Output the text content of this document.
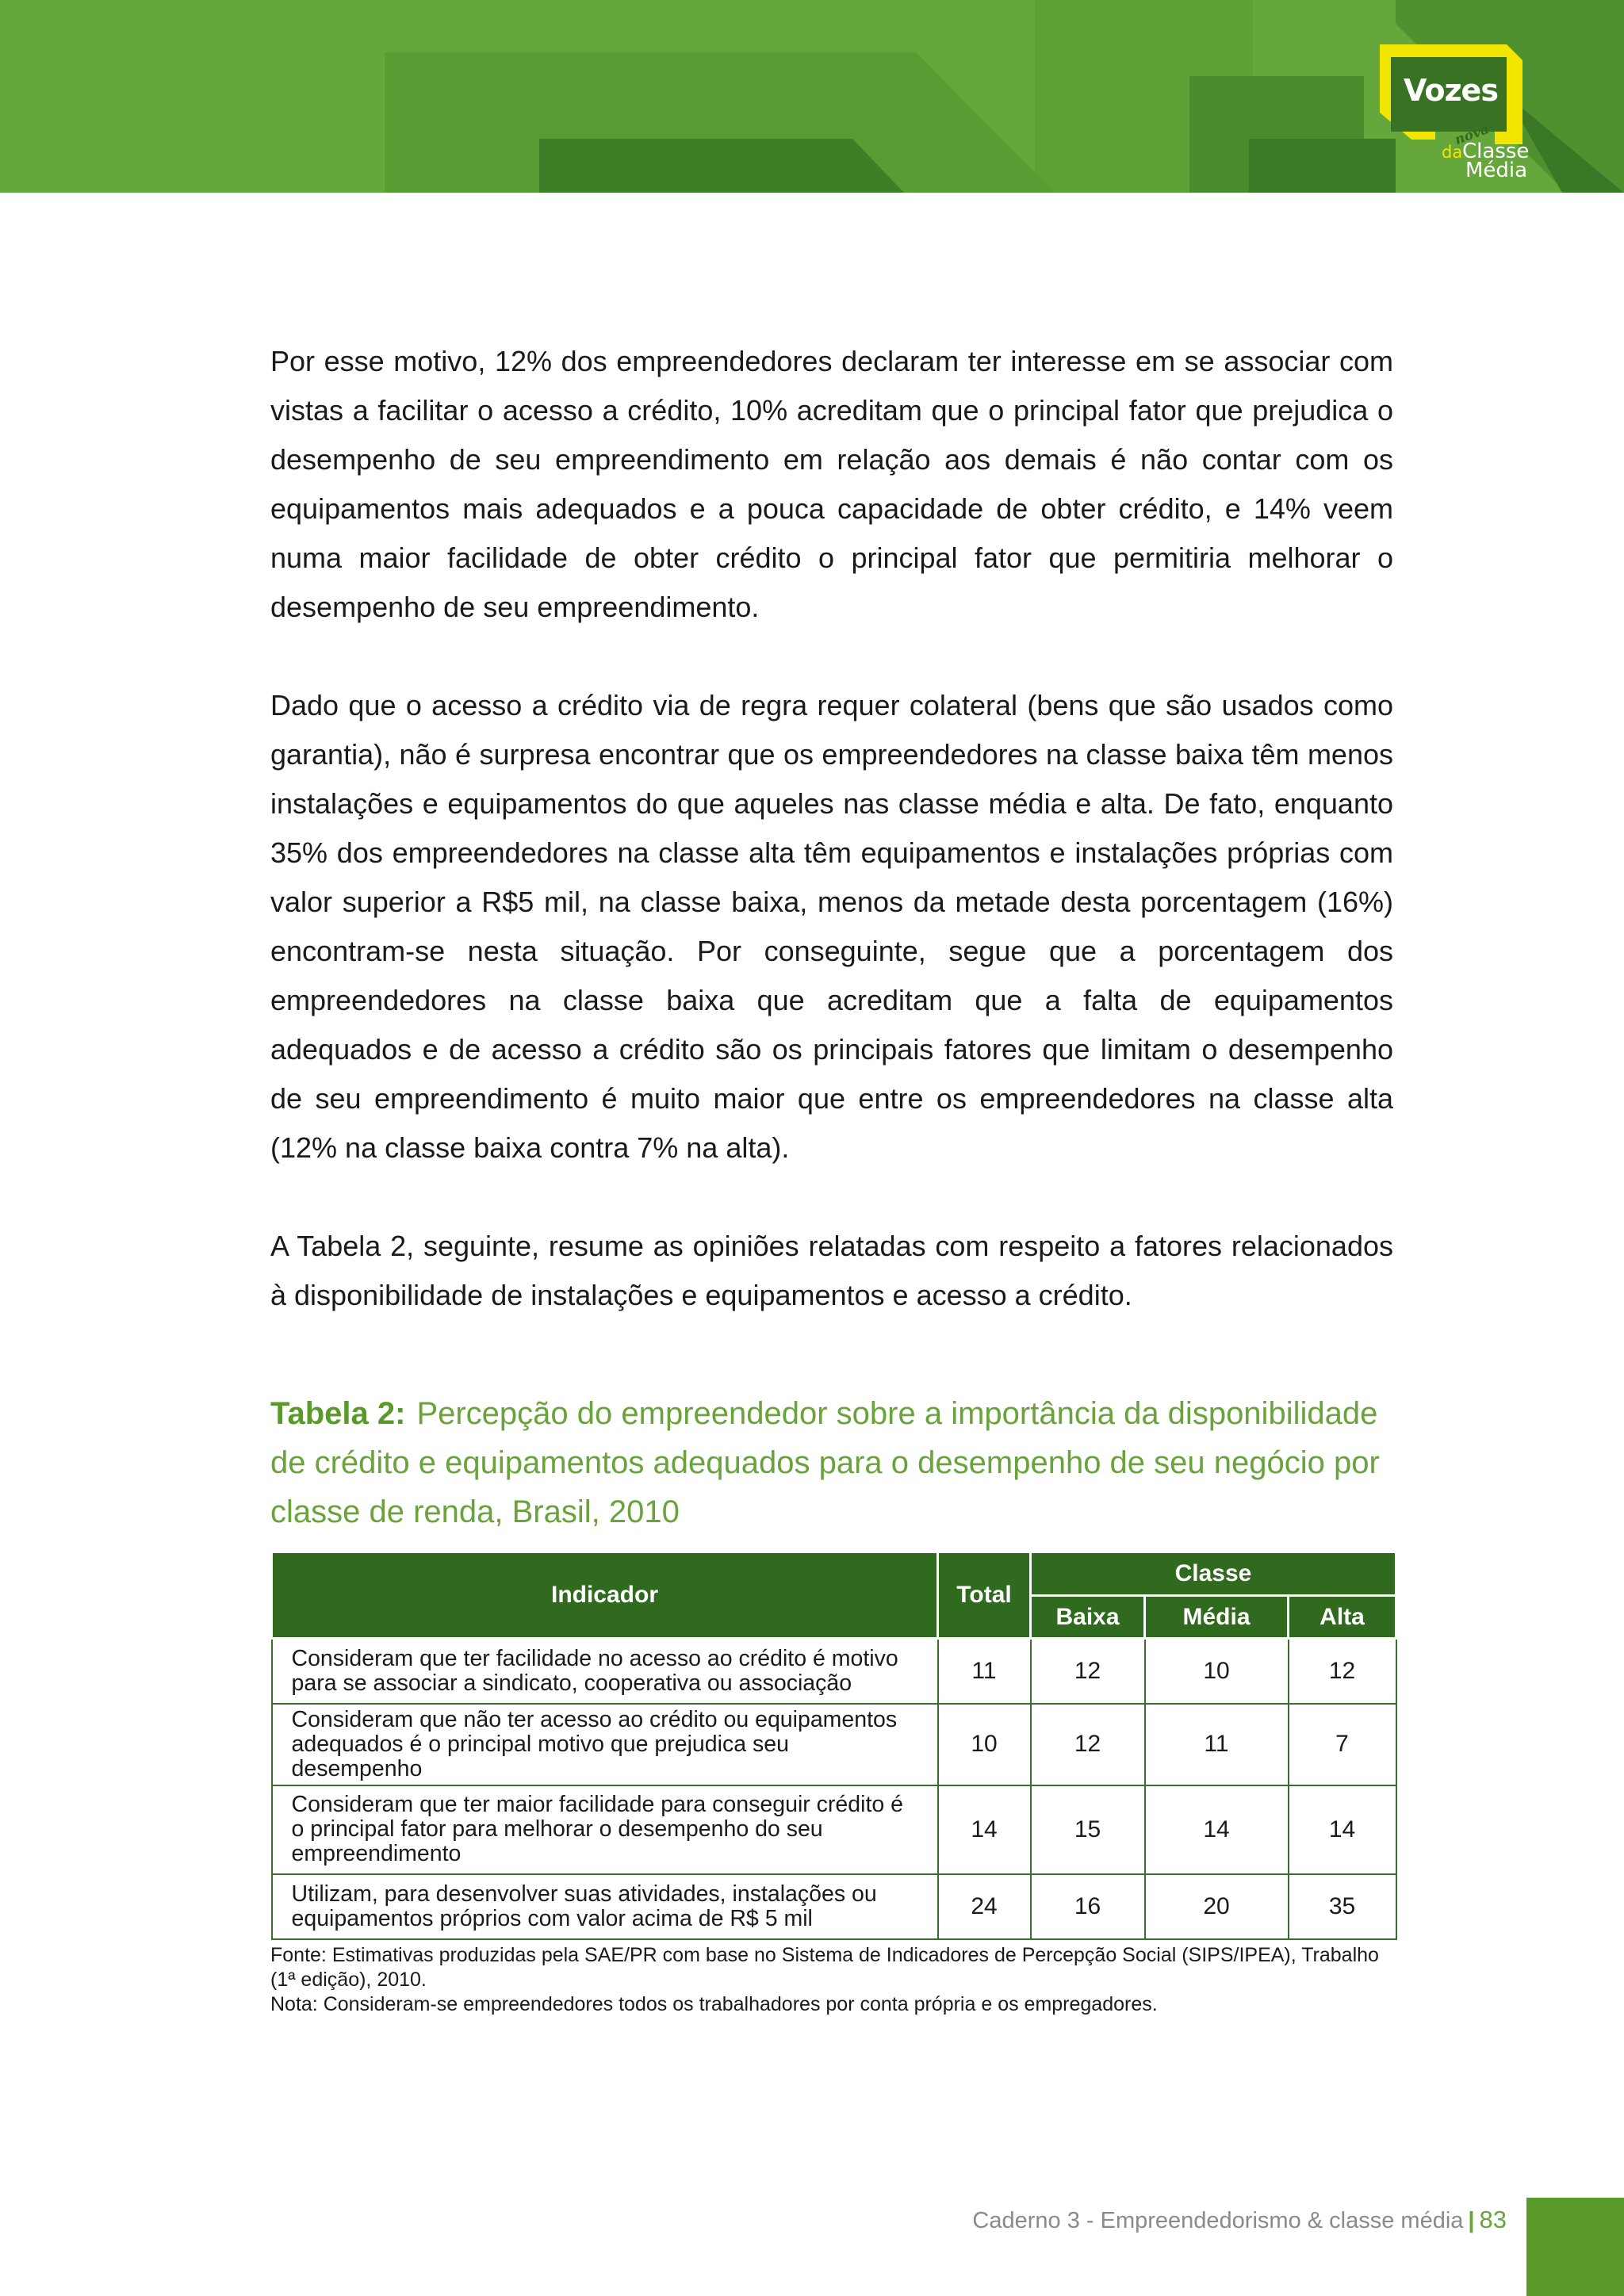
Vozes
nova
da Classe
Média

Por esse motivo, 12% dos empreendedores declaram ter interesse em se associar com vistas a facilitar o acesso a crédito, 10% acreditam que o principal fator que prejudica o desempenho de seu empreendimento em relação aos demais é não contar com os equipamentos mais adequados e a pouca capacidade de obter crédito, e 14% veem numa maior facilidade de obter crédito o principal fator que permitiria melhorar o desempenho de seu empreendimento.

Dado que o acesso a crédito via de regra requer colateral (bens que são usados como garantia), não é surpresa encontrar que os empreendedores na classe baixa têm menos instalações e equipamentos do que aqueles nas classe média e alta. De fato, enquanto 35% dos empreendedores na classe alta têm equipamentos e instalações próprias com valor superior a R$5 mil, na classe baixa, menos da metade desta porcentagem (16%) encontram-se nesta situação. Por conseguinte, segue que a porcentagem dos empreendedores na classe baixa que acreditam que a falta de equipamentos adequados e de acesso a crédito são os principais fatores que limitam o desempenho de seu empreendimento é muito maior que entre os empreendedores na classe alta (12% na classe baixa contra 7% na alta).

A Tabela 2, seguinte, resume as opiniões relatadas com respeito a fatores relacionados à disponibilidade de instalações e equipamentos e acesso a crédito.

Tabela 2: Percepção do empreendedor sobre a importância da disponibilidade de crédito e equipamentos adequados para o desempenho de seu negócio por classe de renda, Brasil, 2010
Indicador	Total	Classe		
		Baixa	Média	Alta
Consideram que ter facilidade no acesso ao crédito é motivo para se associar a sindicato, cooperativa ou associação	11	12	10	12
Consideram que não ter acesso ao crédito ou equipamentos adequados é o principal motivo que prejudica seu desempenho	10	12	11	7
Consideram que ter maior facilidade para conseguir crédito é o principal fator para melhorar o desempenho do seu empreendimento	14	15	14	14
Utilizam, para desenvolver suas atividades, instalações ou equipamentos próprios com valor acima de R$ 5 mil	24	16	20	35

Fonte: Estimativas produzidas pela SAE/PR com base no Sistema de Indicadores de Percepção Social (SIPS/IPEA), Trabalho (1ª edição), 2010.

Nota: Consideram-se empreendedores todos os trabalhadores por conta própria e os empregadores.

Caderno 3 - Empreendedorismo & classe média | 83
